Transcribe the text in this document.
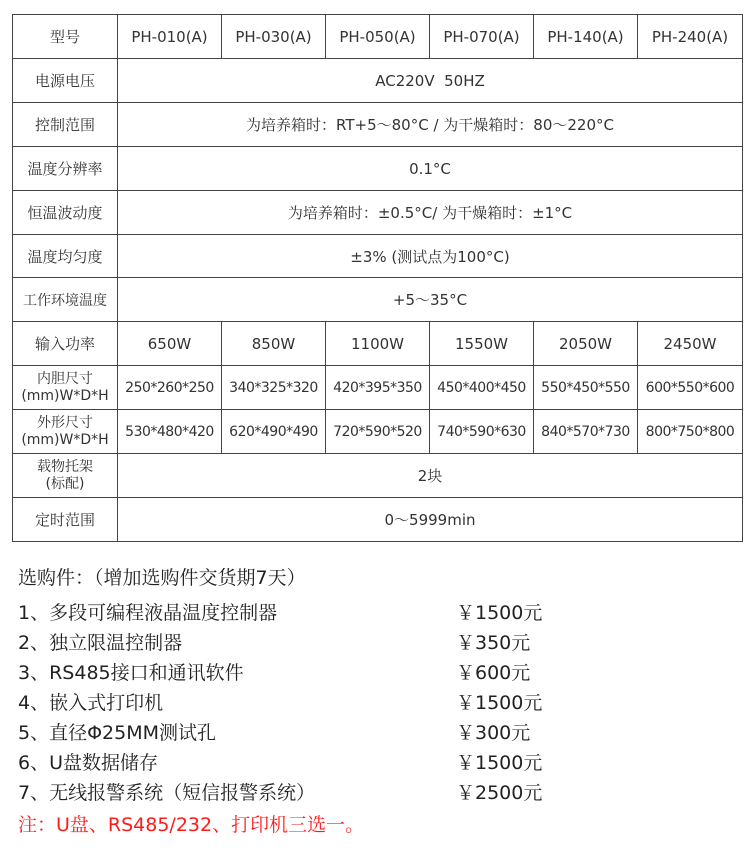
型号	PH-010(A)	PH-030(A)	PH-050(A)	PH-070(A)	PH-140(A)	PH-240(A)
电源电压	AC220V  50HZ					
控制范围	为培养箱时：RT+5～80°C / 为干燥箱时：80～220°C					
温度分辨率	0.1°C					
恒温波动度	为培养箱时：±0.5°C/ 为干燥箱时：±1°C					
温度均匀度	±3% (测试点为100°C)					
工作环境温度	+5～35°C					
输入功率	650W	850W	1100W	1550W	2050W	2450W

内胆尺寸
(mm)W*D*H	250*260*250	340*325*320	420*395*350	450*400*450	550*450*550	600*550*600

外形尺寸
(mm)W*D*H	530*480*420	620*490*490	720*590*520	740*590*630	840*570*730	800*750*800

载物托架
(标配)	2块					
定时范围	0～5999min					
选购件：（增加选购件交货期7天）
1、多段可编程液晶温度控制器	￥1500元
2、独立限温控制器	￥350元
3、RS485接口和通讯软件	￥600元
4、嵌入式打印机	￥1500元
5、直径Φ25MM测试孔	￥300元
6、U盘数据储存	￥1500元
7、无线报警系统（短信报警系统）	￥2500元
注：U盘、RS485/232、打印机三选一。
